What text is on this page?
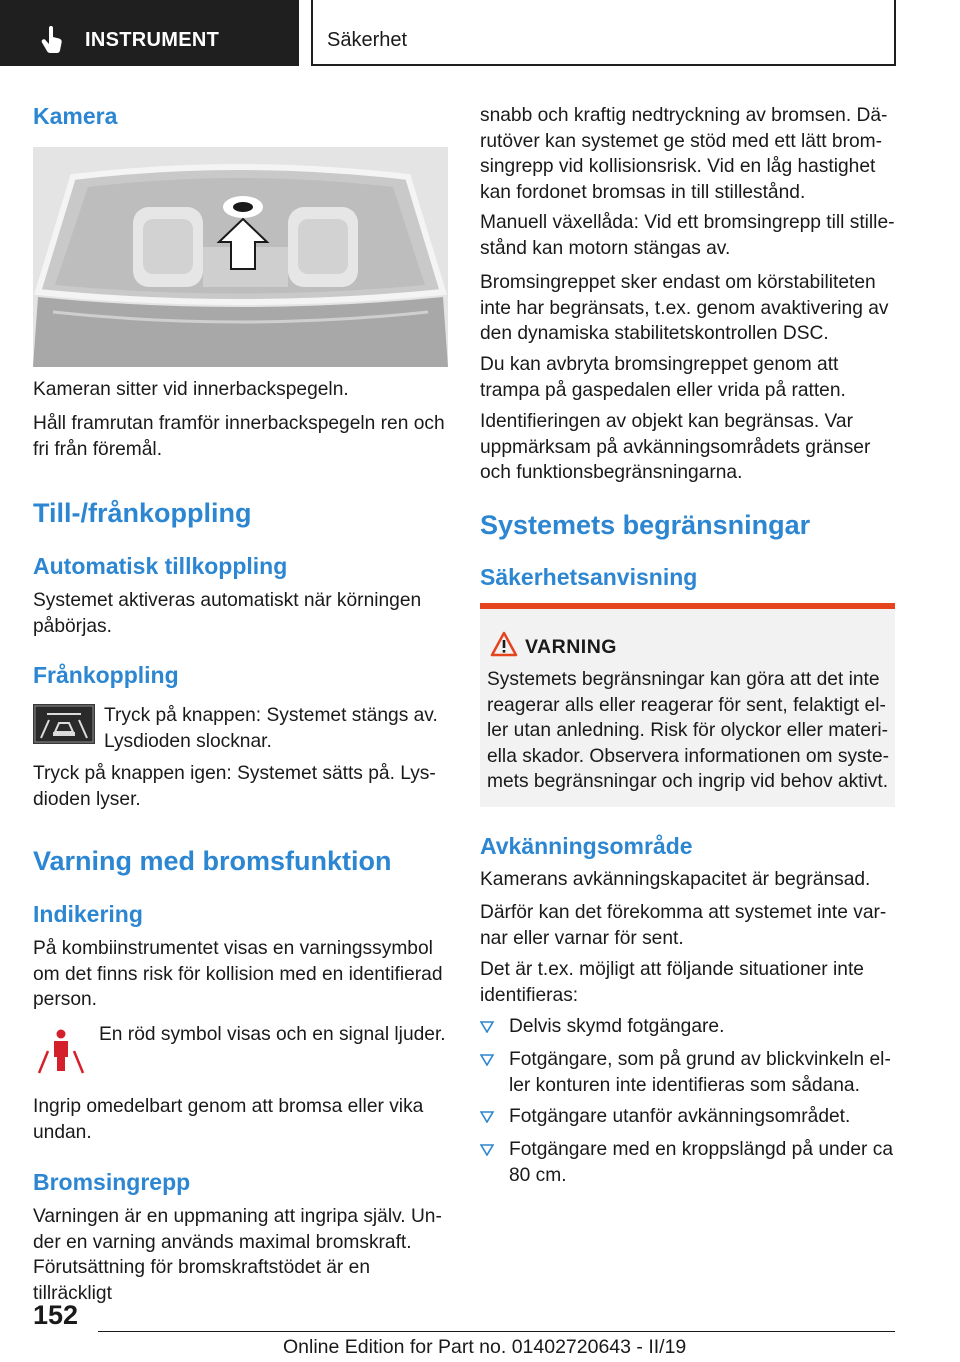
INSTRUMENT	Säkerhet
Kamera
Kameran sitter vid innerbackspegeln.
Håll framrutan framför innerbackspegeln ren och fri från föremål.
Till-/frånkoppling
Automatisk tillkoppling
Systemet aktiveras automatiskt när körningen påbörjas.
Frånkoppling
Tryck på knappen: Systemet stängs av. Lysdioden slocknar.
Tryck på knappen igen: Systemet sätts på. Lysdioden lyser.
Varning med bromsfunktion
Indikering
På kombiinstrumentet visas en varningssymbol om det finns risk för kollision med en identifierad person.
En röd symbol visas och en signal ljuder.
Ingrip omedelbart genom att bromsa eller vika undan.
Bromsingrepp
Varningen är en uppmaning att ingripa själv. Under en varning används maximal bromskraft. Förutsättning för bromskraftstödet är en tillräckligt
snabb och kraftig nedtryckning av bromsen. Därutöver kan systemet ge stöd med ett lätt bromsingrepp vid kollisionsrisk. Vid en låg hastighet kan fordonet bromsas in till stillestånd.
Manuell växellåda: Vid ett bromsingrepp till stillestånd kan motorn stängas av.
Bromsingreppet sker endast om körstabiliteten inte har begränsats, t.ex. genom avaktivering av den dynamiska stabilitetskontrollen DSC.
Du kan avbryta bromsingreppet genom att trampa på gaspedalen eller vrida på ratten.
Identifieringen av objekt kan begränsas. Var uppmärksam på avkänningsområdets gränser och funktionsbegränsningarna.
Systemets begränsningar
Säkerhetsanvisning
VARNING
Systemets begränsningar kan göra att det inte reagerar alls eller reagerar för sent, felaktigt eller utan anledning. Risk för olyckor eller materiella skador. Observera informationen om systemets begränsningar och ingrip vid behov aktivt.
Avkänningsområde
Kamerans avkänningskapacitet är begränsad.
Därför kan det förekomma att systemet inte varnar eller varnar för sent.
Det är t.ex. möjligt att följande situationer inte identifieras:
Delvis skymd fotgängare.
Fotgängare, som på grund av blickvinkeln eller konturen inte identifieras som sådana.
Fotgängare utanför avkänningsområdet.
Fotgängare med en kroppslängd på under ca 80 cm.
152
Online Edition for Part no. 01402720643 - II/19
